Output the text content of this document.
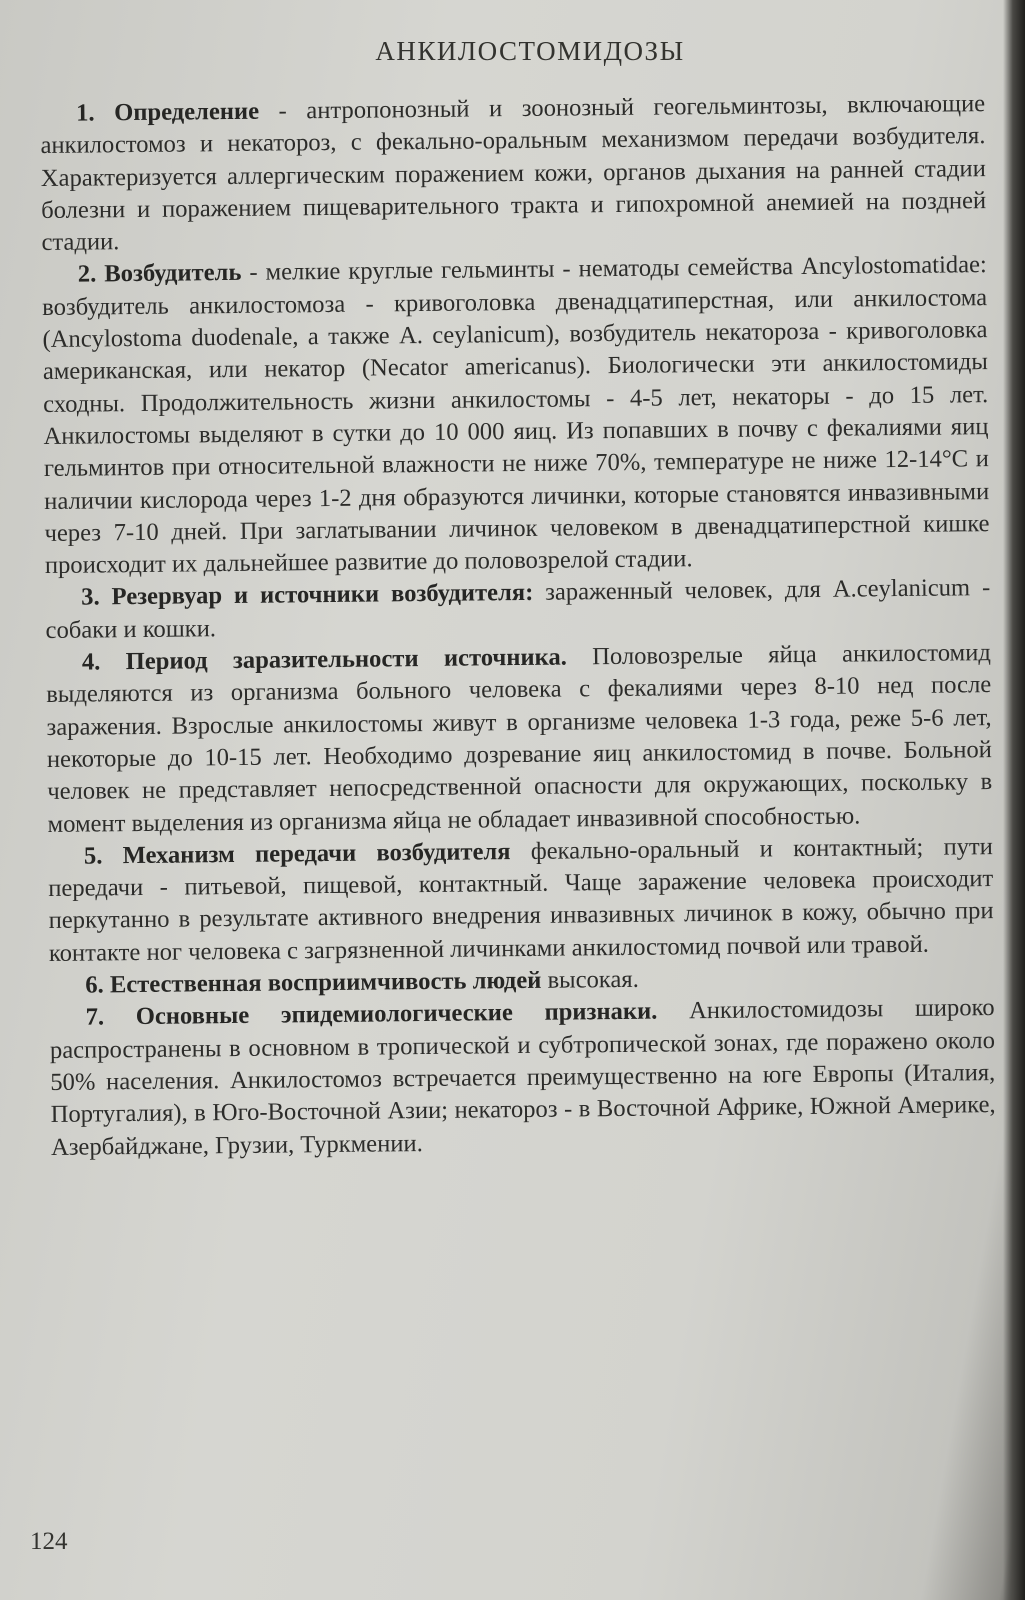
АНКИЛОСТОМИДОЗЫ

1. Определение - антропонозный и зоонозный геогельминтозы, включающие анкилостомоз и некатороз, с фекально-оральным механизмом передачи возбудителя. Характеризуется аллергическим поражением кожи, органов дыхания на ранней стадии болезни и поражением пищеварительного тракта и гипохромной анемией на поздней стадии.

2. Возбудитель - мелкие круглые гельминты - нематоды семейства Ancylostomatidae: возбудитель анкилостомоза - кривоголовка двенадцатиперстная, или анкилостома (Ancylostoma duodenale, а также A. ceylanicum), возбудитель некатороза - кривоголовка американская, или некатор (Necator americanus). Биологически эти анкилостомиды сходны. Продолжительность жизни анкилостомы - 4-5 лет, некаторы - до 15 лет. Анкилостомы выделяют в сутки до 10 000 яиц. Из попавших в почву с фекалиями яиц гельминтов при относительной влажности не ниже 70%, температуре не ниже 12-14°С и наличии кислорода через 1-2 дня образуются личинки, которые становятся инвазивными через 7-10 дней. При заглатывании личинок человеком в двенадцатиперстной кишке происходит их дальнейшее развитие до половозрелой стадии.

3. Резервуар и источники возбудителя: зараженный человек, для A.ceylanicum - собаки и кошки.

4. Период заразительности источника. Половозрелые яйца анкилостомид выделяются из организма больного человека с фекалиями через 8-10 нед после заражения. Взрослые анкилостомы живут в организме человека 1-3 года, реже 5-6 лет, некоторые до 10-15 лет. Необходимо дозревание яиц анкилостомид в почве. Больной человек не представляет непосредственной опасности для окружающих, поскольку в момент выделения из организма яйца не обладает инвазивной способностью.

5. Механизм передачи возбудителя фекально-оральный и контактный; пути передачи - питьевой, пищевой, контактный. Чаще заражение человека происходит перкутанно в результате активного внедрения инвазивных личинок в кожу, обычно при контакте ног человека с загрязненной личинками анкилостомид почвой или травой.

6. Естественная восприимчивость людей высокая.

7. Основные эпидемиологические признаки. Анкилостомидозы широко распространены в основном в тропической и субтропической зонах, где поражено около 50% населения. Анкилостомоз встречается преимущественно на юге Европы (Италия, Португалия), в Юго-Восточной Азии; некатороз - в Восточной Африке, Южной Америке, Азербайджане, Грузии, Туркмении.

124
